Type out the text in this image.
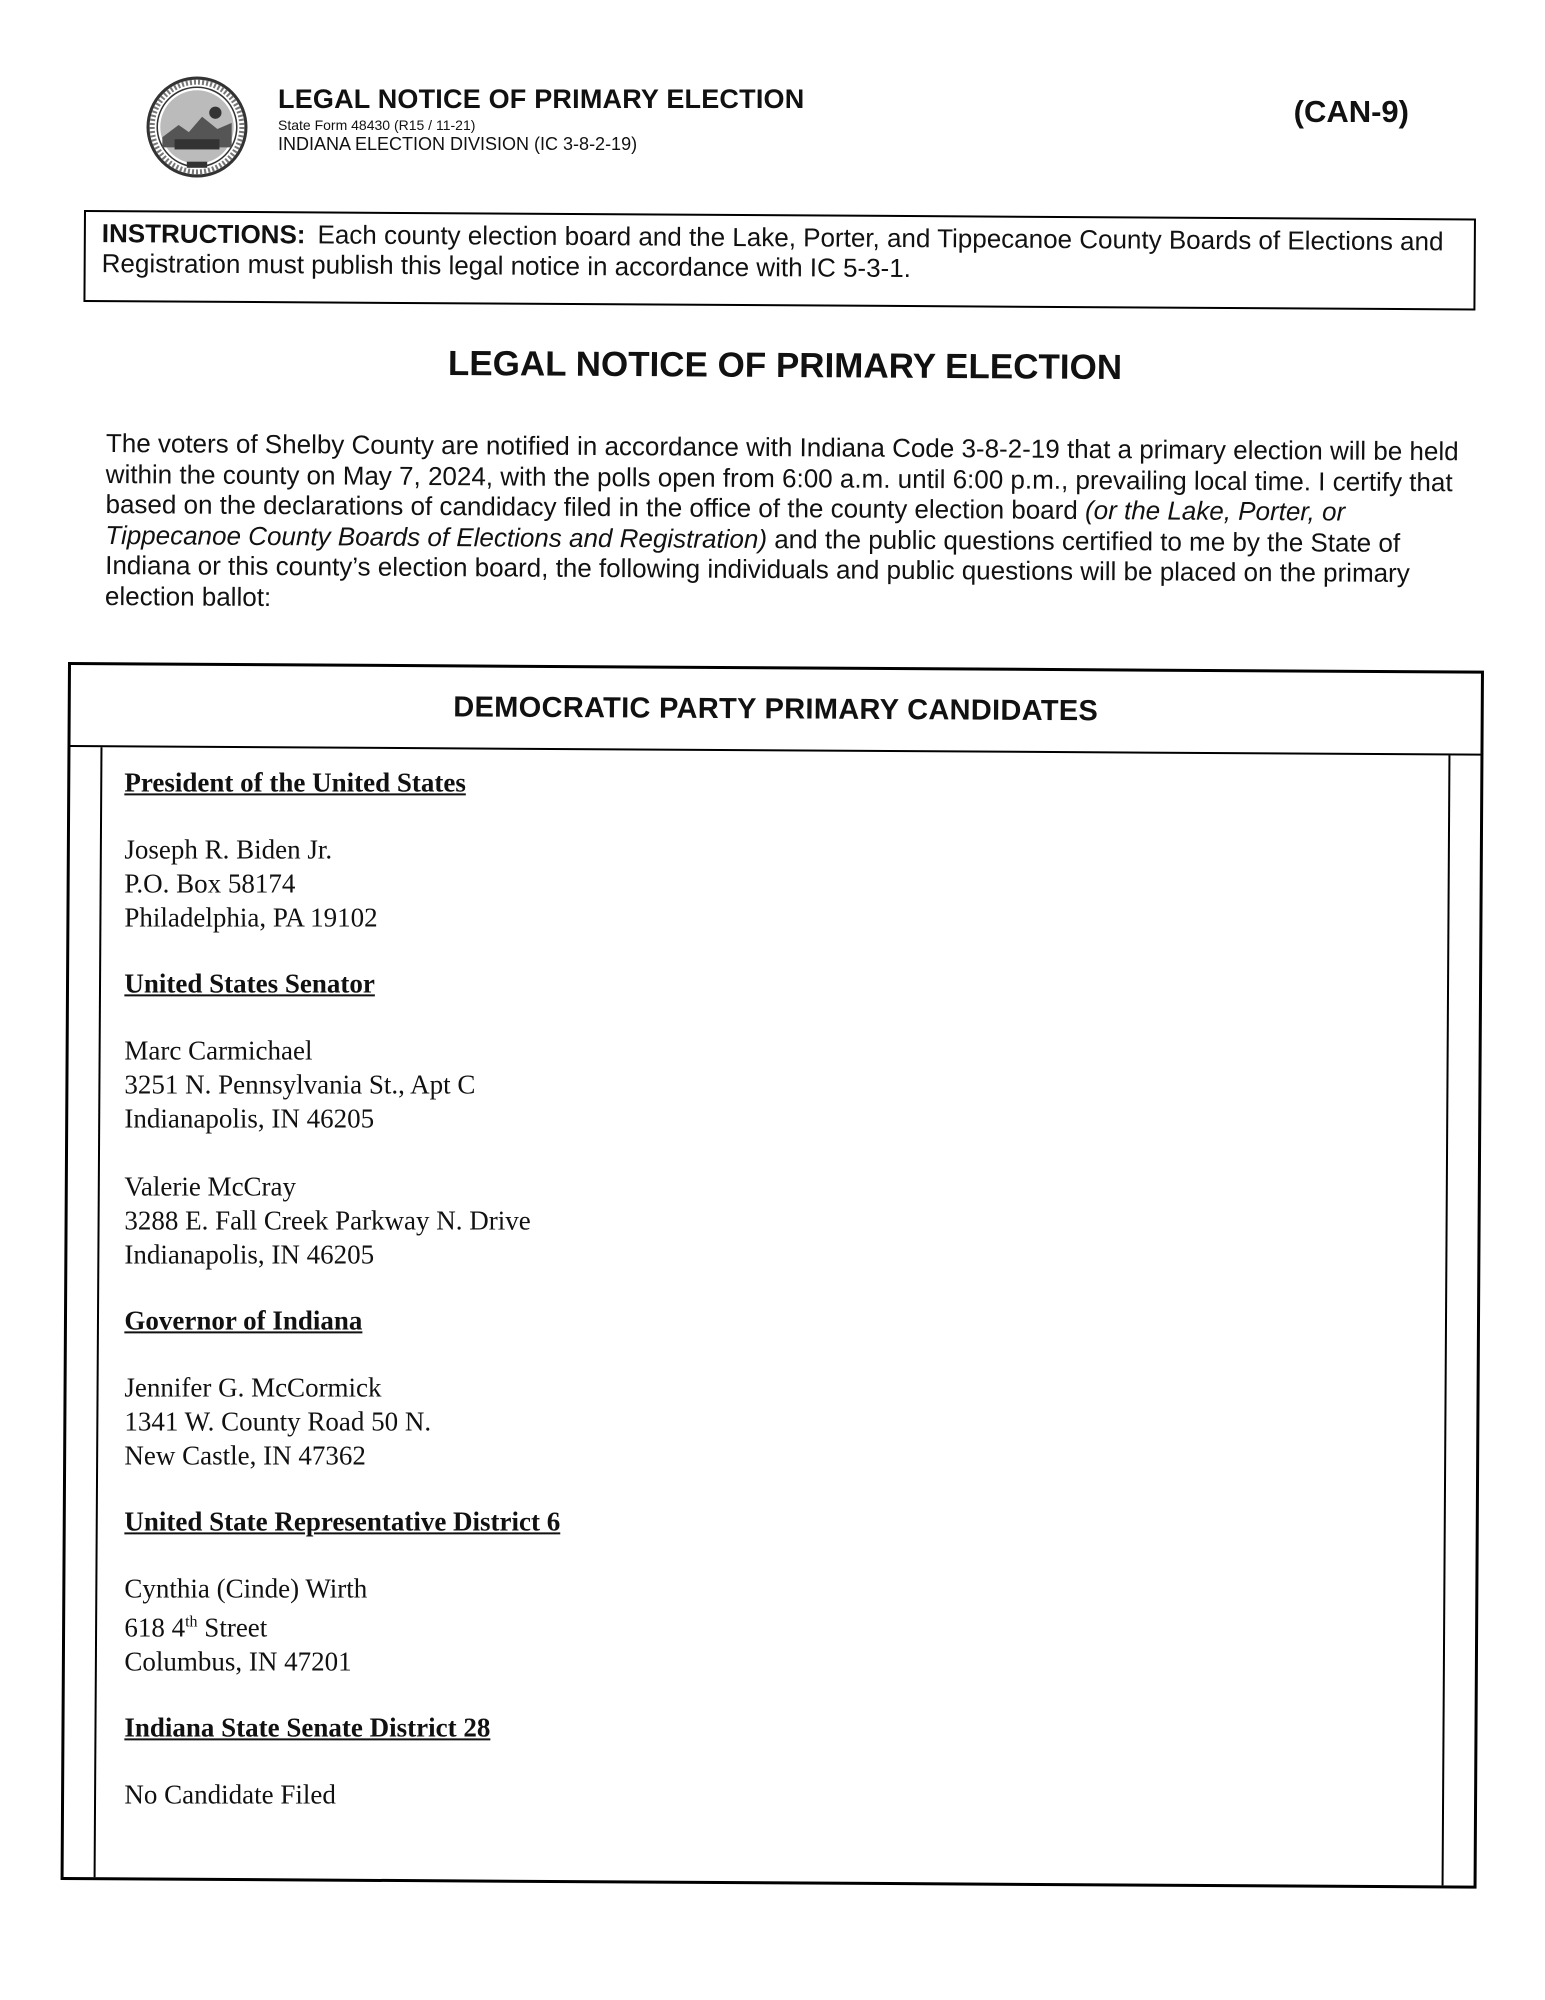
LEGAL NOTICE OF PRIMARY ELECTION
State Form 48430 (R15 / 11-21)
INDIANA ELECTION DIVISION (IC 3-8-2-19)
(CAN-9)
INSTRUCTIONS: Each county election board and the Lake, Porter, and Tippecanoe County Boards of Elections and Registration must publish this legal notice in accordance with IC 5-3-1.
LEGAL NOTICE OF PRIMARY ELECTION
The voters of Shelby County are notified in accordance with Indiana Code 3-8-2-19 that a primary election will be held within the county on May 7, 2024, with the polls open from 6:00 a.m. until 6:00 p.m., prevailing local time. I certify that based on the declarations of candidacy filed in the office of the county election board (or the Lake, Porter, or Tippecanoe County Boards of Elections and Registration) and the public questions certified to me by the State of Indiana or this county’s election board, the following individuals and public questions will be placed on the primary election ballot:
DEMOCRATIC PARTY PRIMARY CANDIDATES
President of the United States
Joseph R. Biden Jr.
P.O. Box 58174
Philadelphia, PA 19102
United States Senator
Marc Carmichael
3251 N. Pennsylvania St., Apt C
Indianapolis, IN 46205
Valerie McCray
3288 E. Fall Creek Parkway N. Drive
Indianapolis, IN 46205
Governor of Indiana
Jennifer G. McCormick
1341 W. County Road 50 N.
New Castle, IN 47362
United State Representative District 6
Cynthia (Cinde) Wirth
618 4th Street
Columbus, IN 47201
Indiana State Senate District 28
No Candidate Filed
